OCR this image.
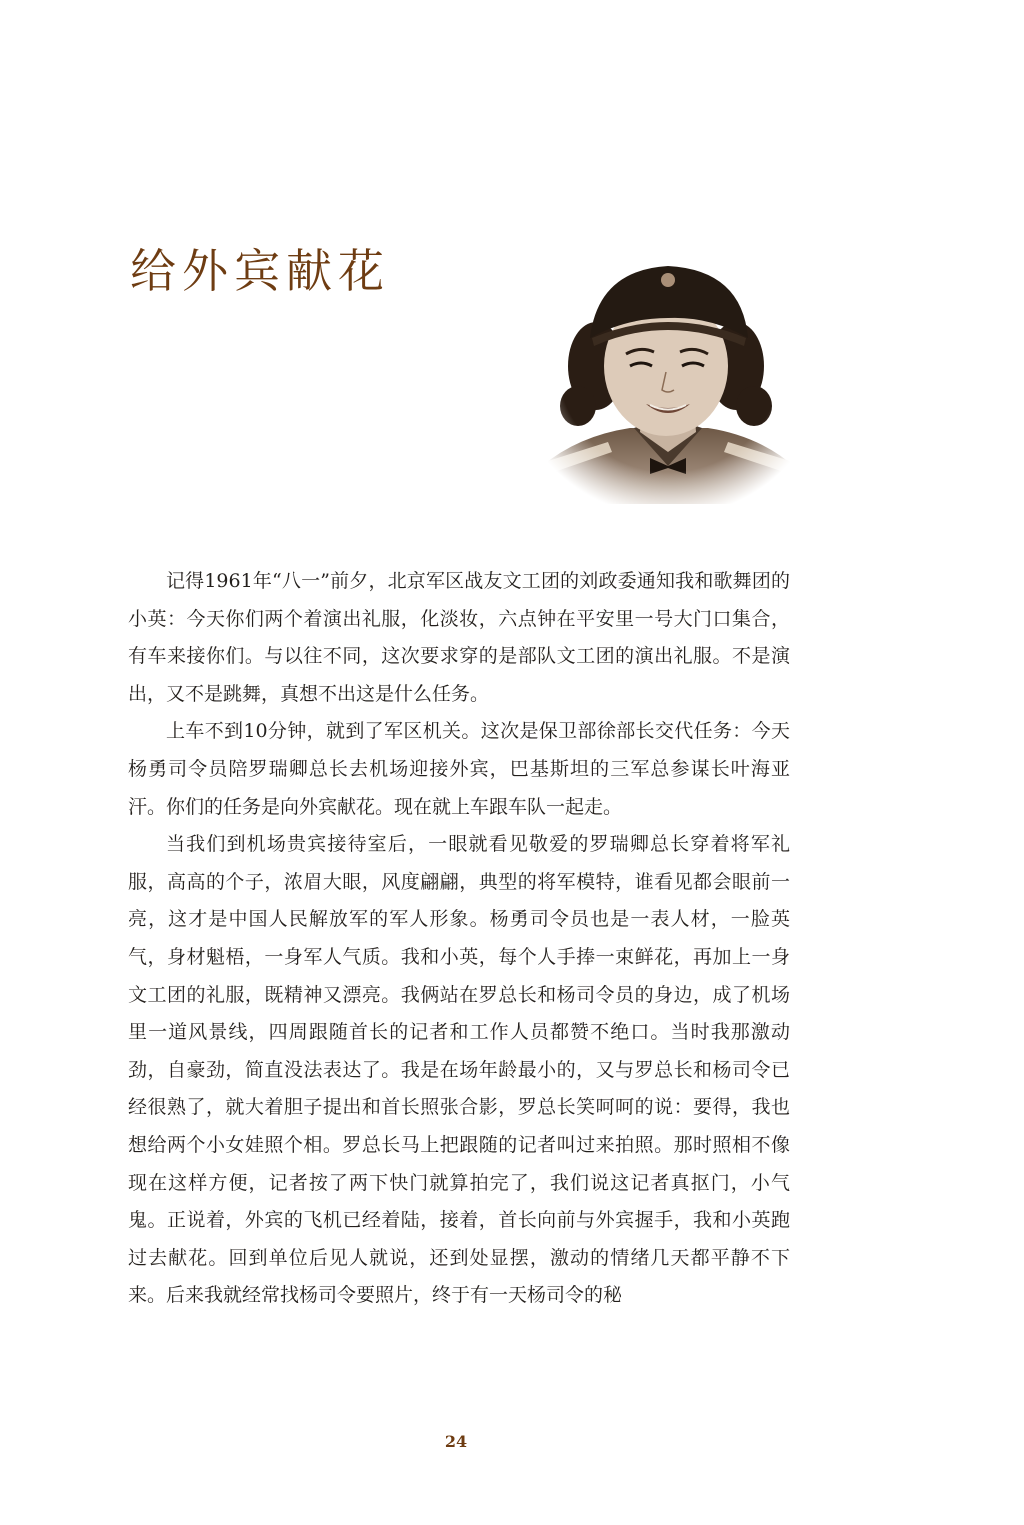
给外宾献花

记得1961年“八一”前夕，北京军区战友文工团的刘政委通知我和歌舞团的小英：今天你们两个着演出礼服，化淡妆，六点钟在平安里一号大门口集合，有车来接你们。与以往不同，这次要求穿的是部队文工团的演出礼服。不是演出，又不是跳舞，真想不出这是什么任务。

上车不到10分钟，就到了军区机关。这次是保卫部徐部长交代任务：今天杨勇司令员陪罗瑞卿总长去机场迎接外宾，巴基斯坦的三军总参谋长叶海亚汗。你们的任务是向外宾献花。现在就上车跟车队一起走。

当我们到机场贵宾接待室后，一眼就看见敬爱的罗瑞卿总长穿着将军礼服，高高的个子，浓眉大眼，风度翩翩，典型的将军模特，谁看见都会眼前一亮，这才是中国人民解放军的军人形象。杨勇司令员也是一表人材，一脸英气，身材魁梧，一身军人气质。我和小英，每个人手捧一束鲜花，再加上一身文工团的礼服，既精神又漂亮。我俩站在罗总长和杨司令员的身边，成了机场里一道风景线，四周跟随首长的记者和工作人员都赞不绝口。当时我那激动劲，自豪劲，简直没法表达了。我是在场年龄最小的，又与罗总长和杨司令已经很熟了，就大着胆子提出和首长照张合影，罗总长笑呵呵的说：要得，我也想给两个小女娃照个相。罗总长马上把跟随的记者叫过来拍照。那时照相不像现在这样方便，记者按了两下快门就算拍完了，我们说这记者真抠门，小气鬼。正说着，外宾的飞机已经着陆，接着，首长向前与外宾握手，我和小英跑过去献花。回到单位后见人就说，还到处显摆，激动的情绪几天都平静不下来。后来我就经常找杨司令要照片，终于有一天杨司令的秘

24
